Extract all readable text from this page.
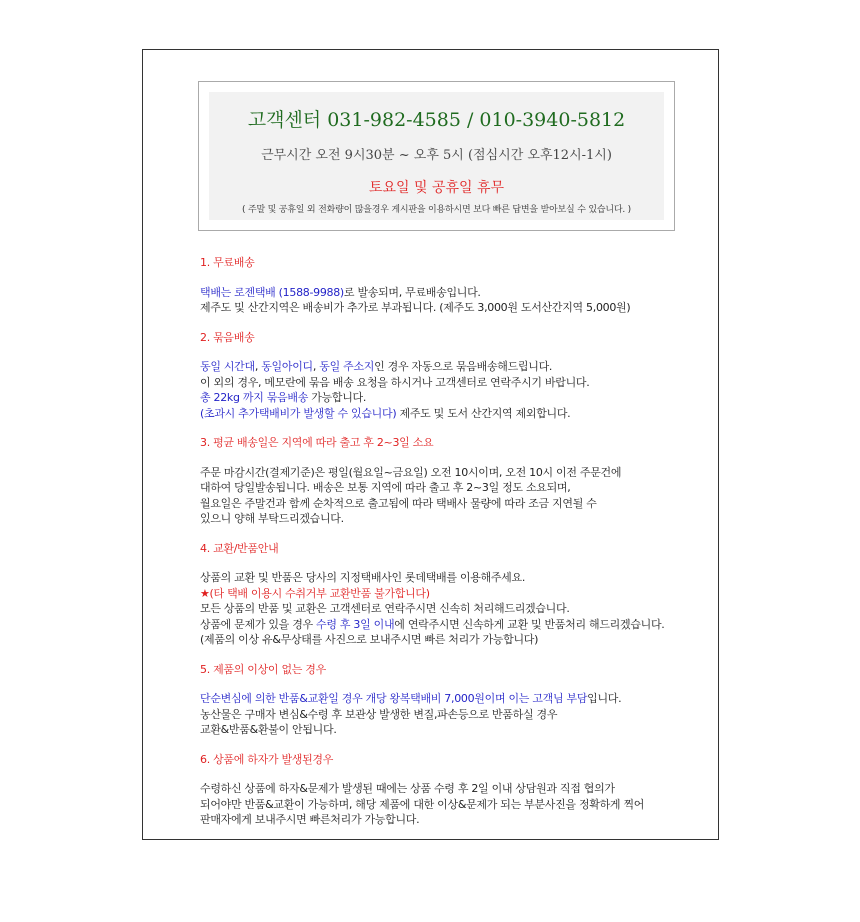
고객센터 031-982-4585 / 010-3940-5812
근무시간 오전 9시30분 ~ 오후 5시 (점심시간 오후12시-1시)
토요일 및 공휴일 휴무
( 주말 및 공휴일 외 전화량이 많을경우 게시판을 이용하시면 보다 빠른 답변을 받아보실 수 있습니다. )
1. 무료배송
택배는 로젠택배 (1588-9988)로 발송되며, 무료배송입니다.
제주도 및 산간지역은 배송비가 추가로 부과됩니다. (제주도 3,000원 도서산간지역 5,000원)
2. 묶음배송
동일 시간대, 동일아이디, 동일 주소지인 경우 자동으로 묶음배송해드립니다.
이 외의 경우, 메모란에 묶음 배송 요청을 하시거나 고객센터로 연락주시기 바랍니다.
총 22kg 까지 묶음배송 가능합니다.
(초과시 추가택배비가 발생할 수 있습니다) 제주도 및 도서 산간지역 제외합니다.
3. 평균 배송일은 지역에 따라 출고 후 2~3일 소요
주문 마감시간(결제기준)은 평일(월요일~금요일) 오전 10시이며, 오전 10시 이전 주문건에
대하여 당일발송됩니다. 배송은 보통 지역에 따라 출고 후 2~3일 정도 소요되며,
월요일은 주말건과 함께 순차적으로 출고됨에 따라 택배사 물량에 따라 조금 지연될 수
있으니 양해 부탁드리겠습니다.
4. 교환/반품안내
상품의 교환 및 반품은 당사의 지정택배사인 롯데택배를 이용해주세요.
★(타 택배 이용시 수취거부 교환반품 불가합니다)
모든 상품의 반품 및 교환은 고객센터로 연락주시면 신속히 처리해드리겠습니다.
상품에 문제가 있을 경우 수령 후 3일 이내에 연락주시면 신속하게 교환 및 반품처리 해드리겠습니다.
(제품의 이상 유&무상태를 사진으로 보내주시면 빠른 처리가 가능합니다)
5. 제품의 이상이 없는 경우
단순변심에 의한 반품&교환일 경우 개당 왕복택배비 7,000원이며 이는 고객님 부담입니다.
농산물은 구매자 변심&수령 후 보관상 발생한 변질,파손등으로 반품하실 경우
교환&반품&환불이 안됩니다.
6. 상품에 하자가 발생된경우
수령하신 상품에 하자&문제가 발생된 때에는 상품 수령 후 2일 이내 상담원과 직접 협의가
되어야만 반품&교환이 가능하며, 해당 제품에 대한 이상&문제가 되는 부분사진을 정확하게 찍어
판매자에게 보내주시면 빠른처리가 가능합니다.
